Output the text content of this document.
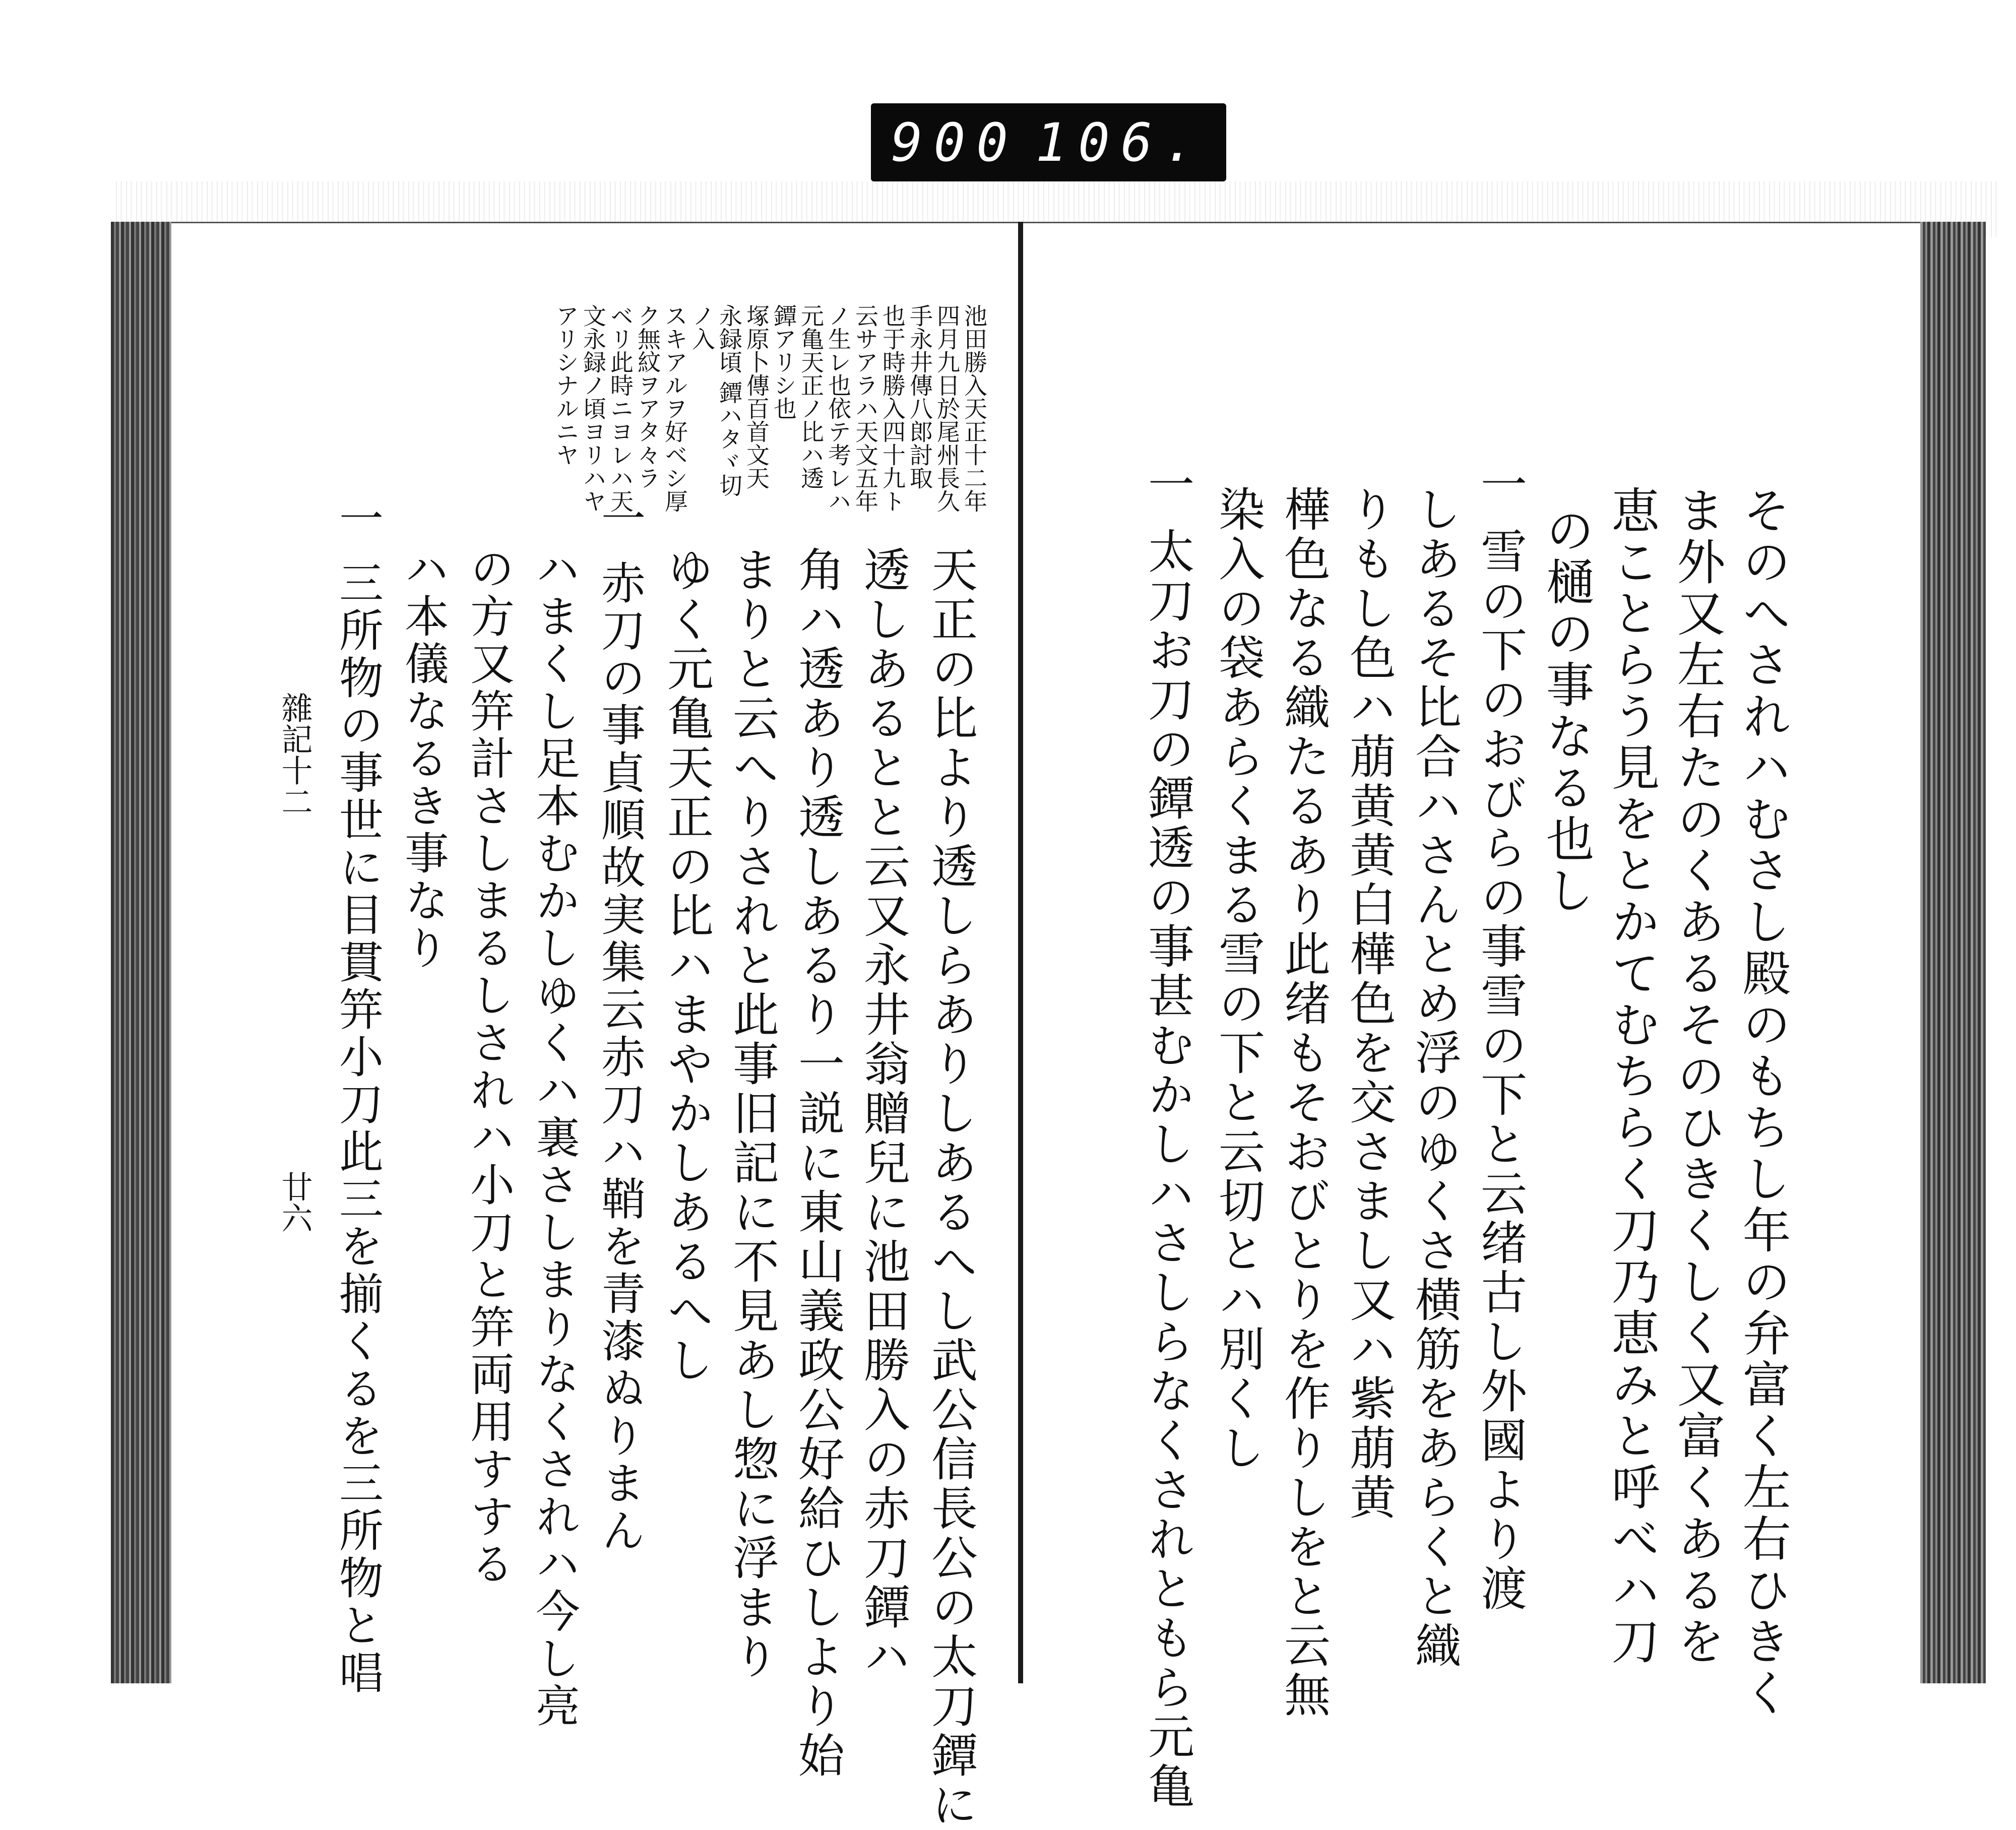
900 106.
池田勝入天正十二年
四月九日於尾州長久
手永井傳八郎討取
也于時勝入四十九ト
云サアラハ天文五年
ノ生レ也依テ考レハ
元亀天正ノ比ハ透
鐔アリシ也
塚原卜傳百首文天
永録頃 鐔ハタヾ切
ノ入
スキアルヲ好ベシ厚
ク無紋ヲアタ々ラ
ベリ此時ニヨレハ天
文永録ノ頃ヨリハヤ
アリシナルニヤ
天正の比より透しらありしあるへし武公信長公の太刀鐔に
透しあるとと云又永井翁贈兒に池田勝入の赤刀鐔ハ
角ハ透あり透しあるり一説に東山義政公好給ひしより始
まりと云へりされと此事旧記に不見あし惣に浮まり
ゆく元亀天正の比ハまやかしあるへし
一 赤刀の事貞順故実集云赤刀ハ鞘を青漆ぬりまん
ハまくし足本むかしゆくハ裏さしまりなくされハ今し亮
の方又笄計さしまるしされハ小刀と笄両用すする
ハ本儀なるき事なり
一 三所物の事世に目貫笄小刀此三を揃くるを三所物と唱
雜記十二
廿六	そのへされハむさし殿のもちし年の弁富く左右ひきく
ま外又左右たのくあるそのひきくしく又富くあるを
恵ことらう見をとかてむちらく刀乃恵みと呼べハ刀
の樋の事なる也し
一 雪の下のおびらの事雪の下と云绪古し外國より渡
しあるそ比合ハさんとめ浮のゆくさ横筋をあらくと織
りもし色ハ萠黄黄白樺色を交さまし又ハ紫萠黄
樺色なる織たるあり此绪もそおびとりを作りしをと云無
染入の袋あらくまる雪の下と云切とハ別くし
一 太刀お刀の鐔透の事甚むかしハさしらなくされともら元亀
